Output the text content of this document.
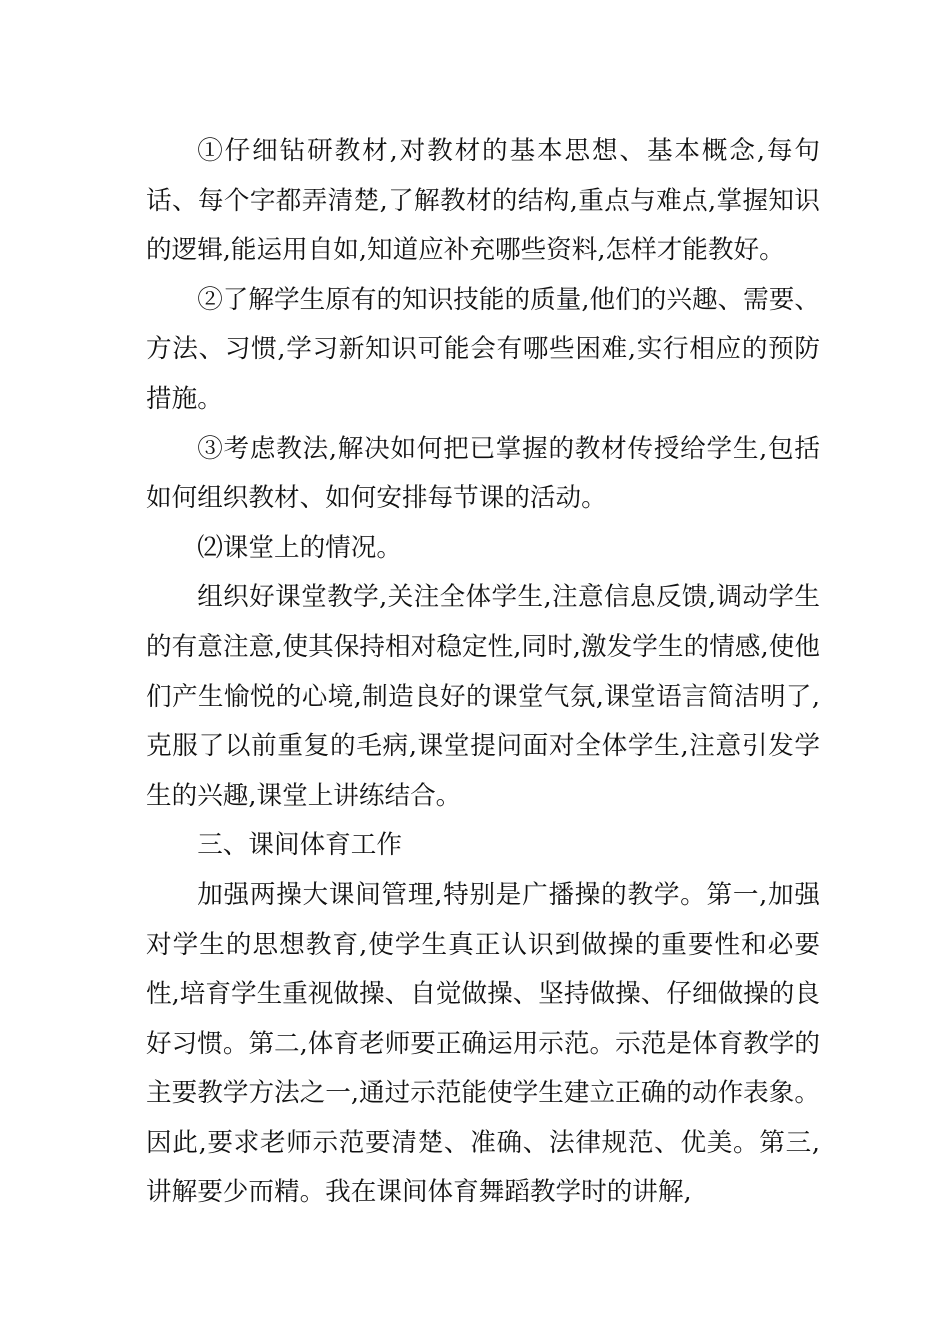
①仔细钻研教材,对教材的基本思想、基本概念,每句话、每个字都弄清楚,了解教材的结构,重点与难点,掌握知识的逻辑,能运用自如,知道应补充哪些资料,怎样才能教好。

②了解学生原有的知识技能的质量,他们的兴趣、需要、方法、习惯,学习新知识可能会有哪些困难,实行相应的预防措施。

③考虑教法,解决如何把已掌握的教材传授给学生,包括如何组织教材、如何安排每节课的活动。

⑵课堂上的情况。

组织好课堂教学,关注全体学生,注意信息反馈,调动学生的有意注意,使其保持相对稳定性,同时,激发学生的情感,使他们产生愉悦的心境,制造良好的课堂气氛,课堂语言简洁明了,克服了以前重复的毛病,课堂提问面对全体学生,注意引发学生的兴趣,课堂上讲练结合。

三、课间体育工作

加强两操大课间管理,特别是广播操的教学。第一,加强对学生的思想教育,使学生真正认识到做操的重要性和必要性,培育学生重视做操、自觉做操、坚持做操、仔细做操的良好习惯。第二,体育老师要正确运用示范。示范是体育教学的主要教学方法之一,通过示范能使学生建立正确的动作表象。因此,要求老师示范要清楚、准确、法律规范、优美。第三,讲解要少而精。我在课间体育舞蹈教学时的讲解,
